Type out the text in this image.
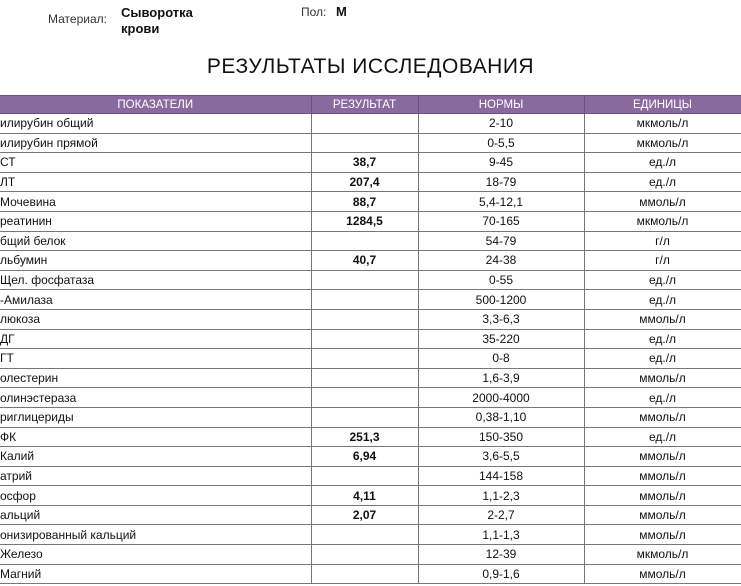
Материал: Сыворотка крови
Пол: М
РЕЗУЛЬТАТЫ ИССЛЕДОВАНИЯ
ПОКАЗАТЕЛИ	РЕЗУЛЬТАТ	НОРМЫ	ЕДИНИЦЫ
илирубин общий		2-10	мкмоль/л
илирубин прямой		0-5,5	мкмоль/л
СТ	38,7	9-45	ед./л
ЛТ	207,4	18-79	ед./л
Мочевина	88,7	5,4-12,1	ммоль/л
реатинин	1284,5	70-165	мкмоль/л
бщий белок		54-79	г/л
льбумин	40,7	24-38	г/л
Щел. фосфатаза		0-55	ед./л
-Амилаза		500-1200	ед./л
люкоза		3,3-6,3	ммоль/л
ДГ		35-220	ед./л
ГТ		0-8	ед./л
олестерин		1,6-3,9	ммоль/л
олинэстераза		2000-4000	ед./л
риглицериды		0,38-1,10	ммоль/л
ФК	251,3	150-350	ед./л
Калий	6,94	3,6-5,5	ммоль/л
атрий		144-158	ммоль/л
осфор	4,11	1,1-2,3	ммоль/л
альций	2,07	2-2,7	ммоль/л
онизированный кальций		1,1-1,3	ммоль/л
Железо		12-39	мкмоль/л
Магний		0,9-1,6	ммоль/л
